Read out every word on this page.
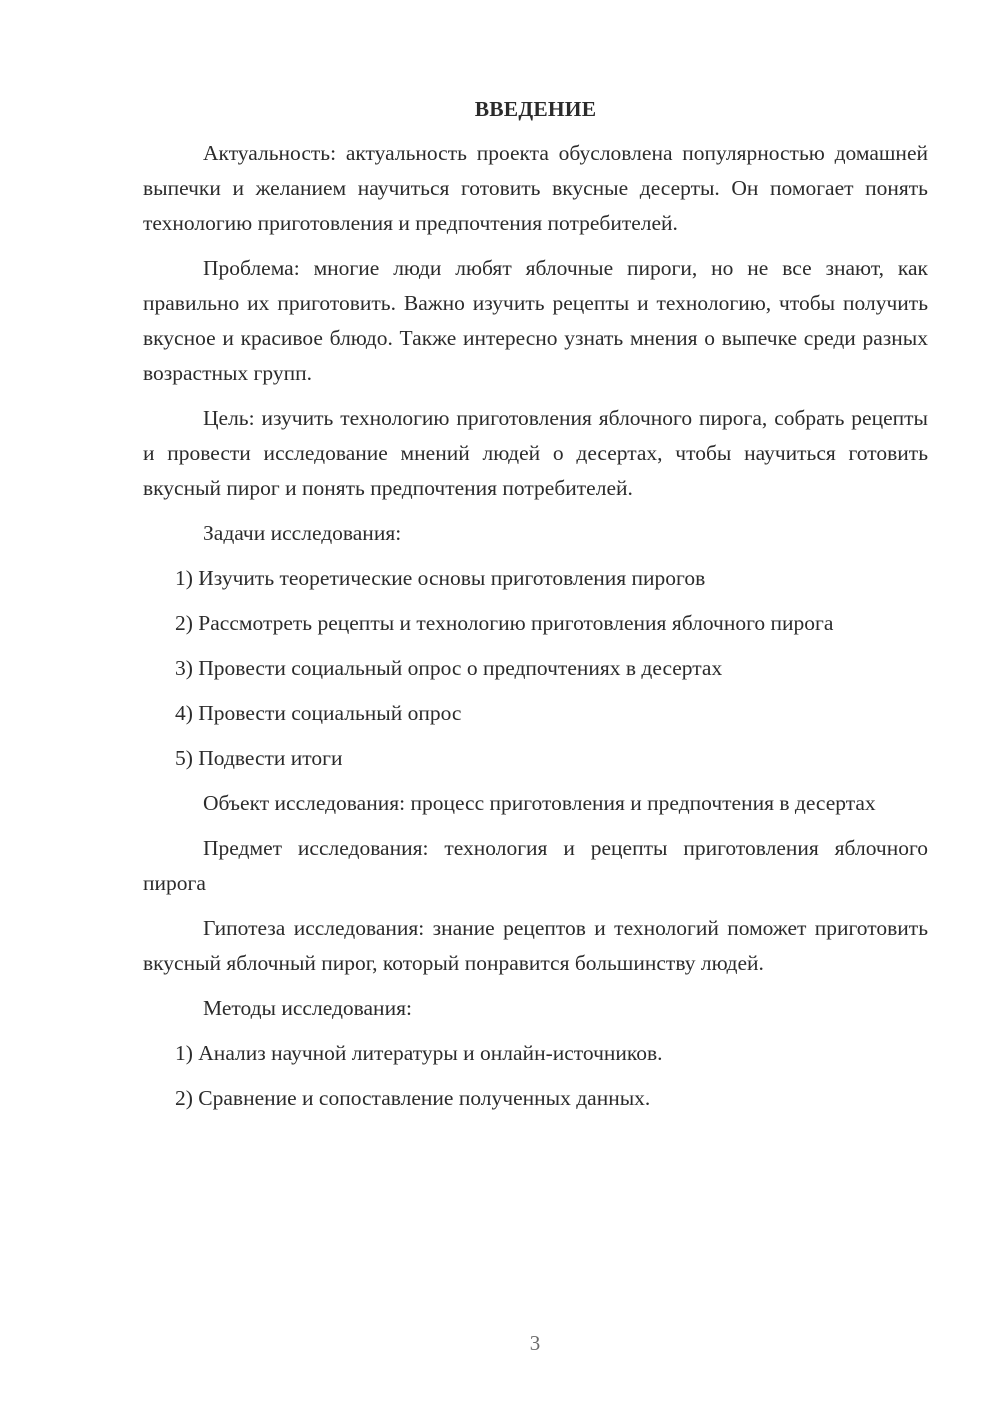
ВВЕДЕНИЕ

Актуальность: актуальность проекта обусловлена популярностью домашней выпечки и желанием научиться готовить вкусные десерты. Он помогает понять технологию приготовления и предпочтения потребителей.

Проблема: многие люди любят яблочные пироги, но не все знают, как правильно их приготовить. Важно изучить рецепты и технологию, чтобы получить вкусное и красивое блюдо. Также интересно узнать мнения о выпечке среди разных возрастных групп.

Цель: изучить технологию приготовления яблочного пирога, собрать рецепты и провести исследование мнений людей о десертах, чтобы научиться готовить вкусный пирог и понять предпочтения потребителей.

Задачи исследования:

1) Изучить теоретические основы приготовления пирогов

2) Рассмотреть рецепты и технологию приготовления яблочного пирога

3) Провести социальный опрос о предпочтениях в десертах

4) Провести социальный опрос

5) Подвести итоги

Объект исследования: процесс приготовления и предпочтения в десертах

Предмет исследования: технология и рецепты приготовления яблочного пирога

Гипотеза исследования: знание рецептов и технологий поможет приготовить вкусный яблочный пирог, который понравится большинству людей.

Методы исследования:

1) Анализ научной литературы и онлайн-источников.

2) Сравнение и сопоставление полученных данных.

3
